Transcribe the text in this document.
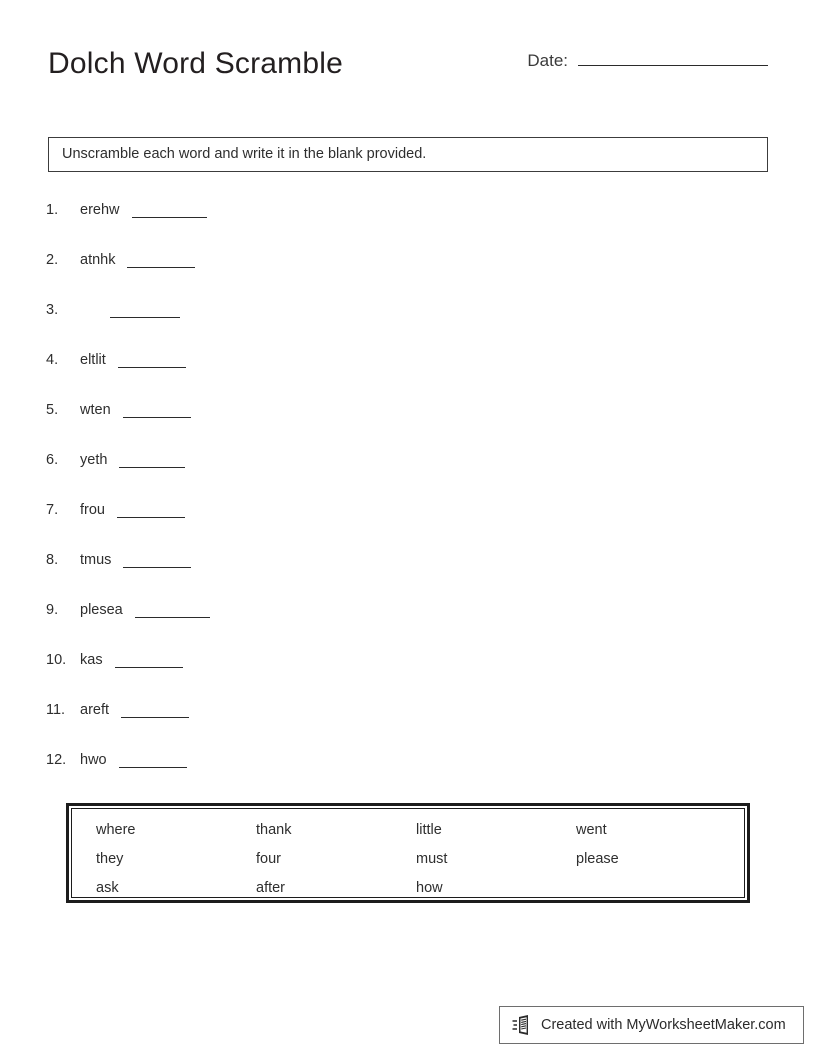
Dolch Word Scramble	Date:
Unscramble each word and write it in the blank provided.
1.	erehw
2.	atnhk
3.
4.	eltlit
5.	wten
6.	yeth
7.	frou
8.	tmus
9.	plesea
10. kas
11.	areft
12. hwo
where	thank	little	went
they	four	must	please
ask	after	how
Created with MyWorksheetMaker.com
